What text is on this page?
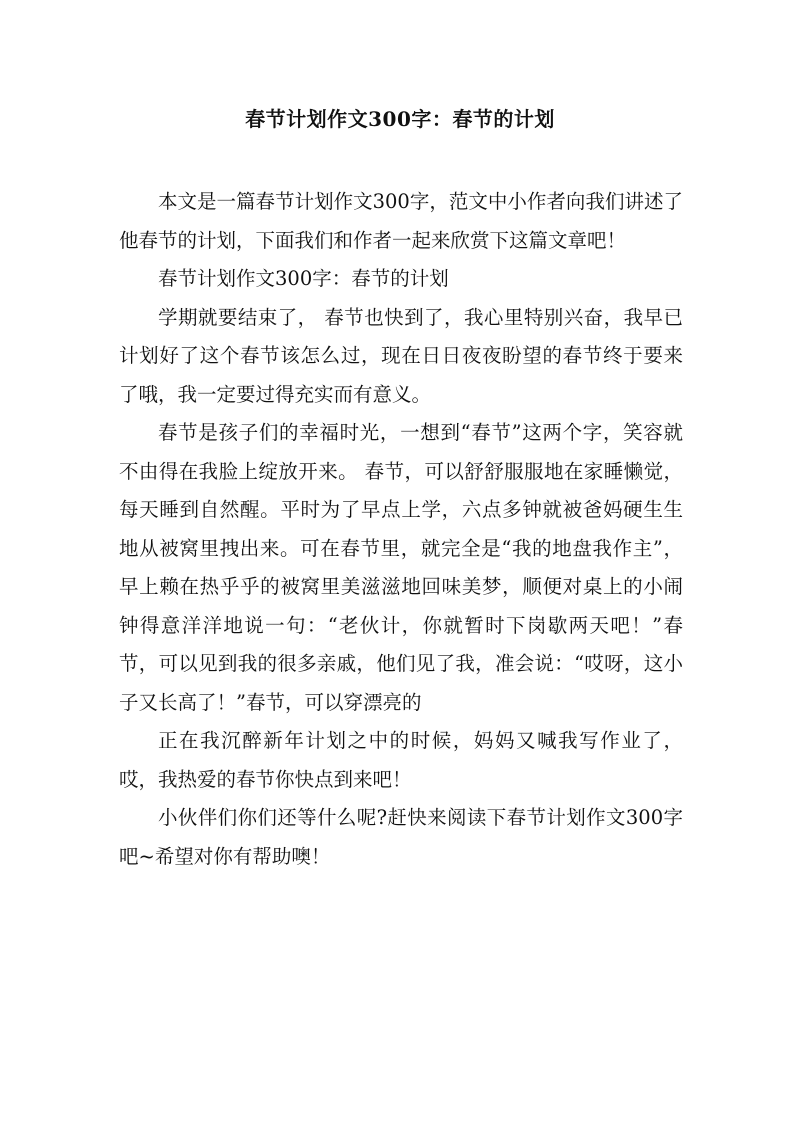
春节计划作文300字：春节的计划

本文是一篇春节计划作文300字，范文中小作者向我们讲述了他春节的计划，下面我们和作者一起来欣赏下这篇文章吧！

春节计划作文300字：春节的计划

学期就要结束了， 春节也快到了，我心里特别兴奋，我早已计划好了这个春节该怎么过，现在日日夜夜盼望的春节终于要来了哦，我一定要过得充实而有意义。

春节是孩子们的幸福时光，一想到“春节”这两个字，笑容就不由得在我脸上绽放开来。 春节，可以舒舒服服地在家睡懒觉，每天睡到自然醒。平时为了早点上学，六点多钟就被爸妈硬生生地从被窝里拽出来。可在春节里，就完全是“我的地盘我作主”，早上赖在热乎乎的被窝里美滋滋地回味美梦，顺便对桌上的小闹钟得意洋洋地说一句：“老伙计，你就暂时下岗歇两天吧！”春节，可以见到我的很多亲戚，他们见了我，准会说：“哎呀，这小子又长高了！”春节，可以穿漂亮的

正在我沉醉新年计划之中的时候，妈妈又喊我写作业了，哎，我热爱的春节你快点到来吧！

小伙伴们你们还等什么呢?赶快来阅读下春节计划作文300字吧~希望对你有帮助噢！
